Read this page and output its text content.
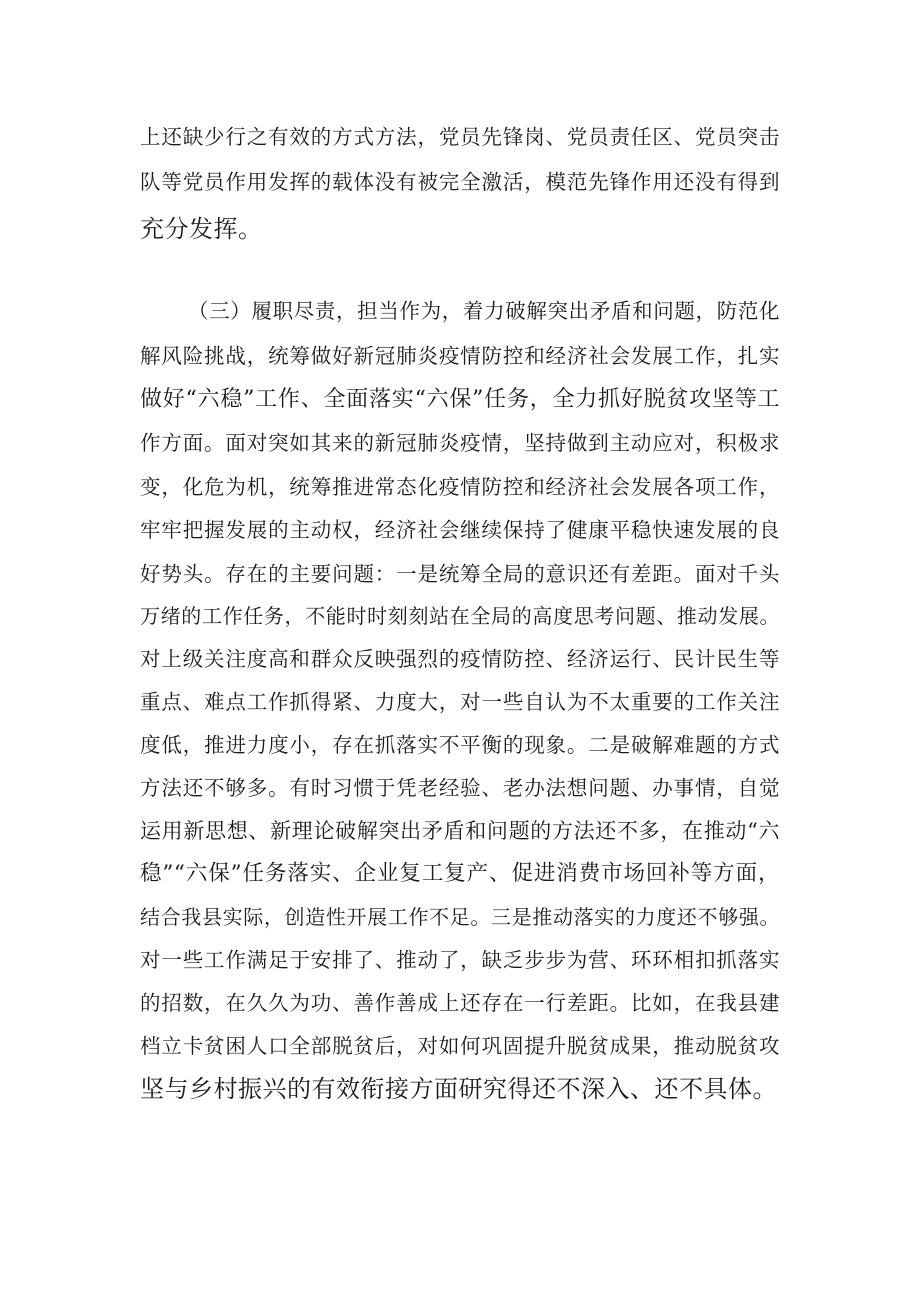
上还缺少行之有效的方式方法，党员先锋岗、党员责任区、党员突击
队等党员作用发挥的载体没有被完全激活，模范先锋作用还没有得到
充分发挥。
（三）履职尽责，担当作为，着力破解突出矛盾和问题，防范化
解风险挑战，统筹做好新冠肺炎疫情防控和经济社会发展工作，扎实
做好“六稳”工作、全面落实“六保”任务，全力抓好脱贫攻坚等工
作方面。面对突如其来的新冠肺炎疫情，坚持做到主动应对，积极求
变，化危为机，统筹推进常态化疫情防控和经济社会发展各项工作，
牢牢把握发展的主动权，经济社会继续保持了健康平稳快速发展的良
好势头。存在的主要问题：一是统筹全局的意识还有差距。面对千头
万绪的工作任务，不能时时刻刻站在全局的高度思考问题、推动发展。
对上级关注度高和群众反映强烈的疫情防控、经济运行、民计民生等
重点、难点工作抓得紧、力度大，对一些自认为不太重要的工作关注
度低，推进力度小，存在抓落实不平衡的现象。二是破解难题的方式
方法还不够多。有时习惯于凭老经验、老办法想问题、办事情，自觉
运用新思想、新理论破解突出矛盾和问题的方法还不多，在推动“六
稳”“六保”任务落实、企业复工复产、促进消费市场回补等方面，
结合我县实际，创造性开展工作不足。三是推动落实的力度还不够强。
对一些工作满足于安排了、推动了，缺乏步步为营、环环相扣抓落实
的招数，在久久为功、善作善成上还存在一行差距。比如，在我县建
档立卡贫困人口全部脱贫后，对如何巩固提升脱贫成果，推动脱贫攻
坚与乡村振兴的有效衔接方面研究得还不深入、还不具体。
